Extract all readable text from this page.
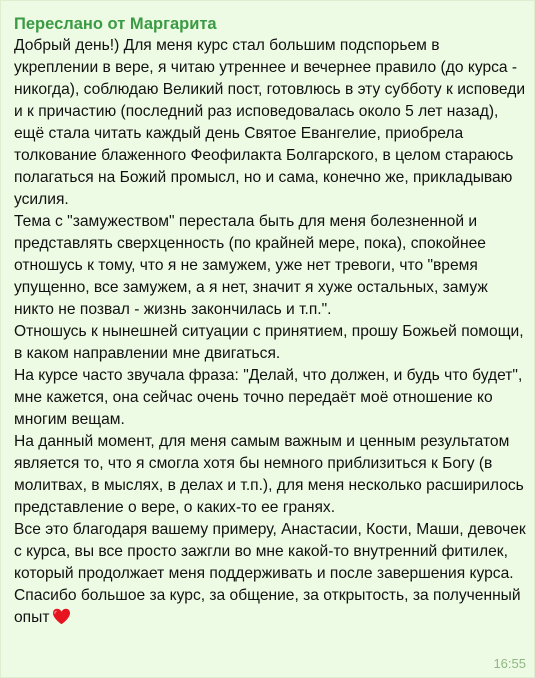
Переслано от Маргарита
Добрый день!) Для меня курс стал большим подспорьем в укреплении в вере, я читаю утреннее и вечернее правило (до курса - никогда), соблюдаю Великий пост, готовлюсь в эту субботу к исповеди и к причастию (последний раз исповедовалась около 5 лет назад), ещё стала читать каждый день Святое Евангелие, приобрела толкование блаженного Феофилакта Болгарского, в целом стараюсь полагаться на Божий промысл, но и сама, конечно же, прикладываю усилия.
Тема с "замужеством" перестала быть для меня болезненной и представлять сверхценность (по крайней мере, пока), спокойнее отношусь к тому, что я не замужем, уже нет тревоги, что "время упущенно, все замужем, а я нет, значит я хуже остальных, замуж никто не позвал - жизнь закончилась и т.п.".
Отношусь к нынешней ситуации с принятием, прошу Божьей помощи, в каком направлении мне двигаться.
На курсе часто звучала фраза: "Делай, что должен, и будь что будет", мне кажется, она сейчас очень точно передаёт моё отношение ко многим вещам.
На данный момент, для меня самым важным и ценным результатом является то, что я смогла хотя бы немного приблизиться к Богу (в молитвах, в мыслях, в делах и т.п.), для меня несколько расширилось представление о вере, о каких-то ее гранях.
Все это благодаря вашему примеру, Анастасии, Кости, Маши, девочек с курса, вы все просто зажгли во мне какой-то внутренний фитилек, который продолжает меня поддерживать и после завершения курса.
Спасибо большое за курс, за общение, за открытость, за полученный опыт
16:55
